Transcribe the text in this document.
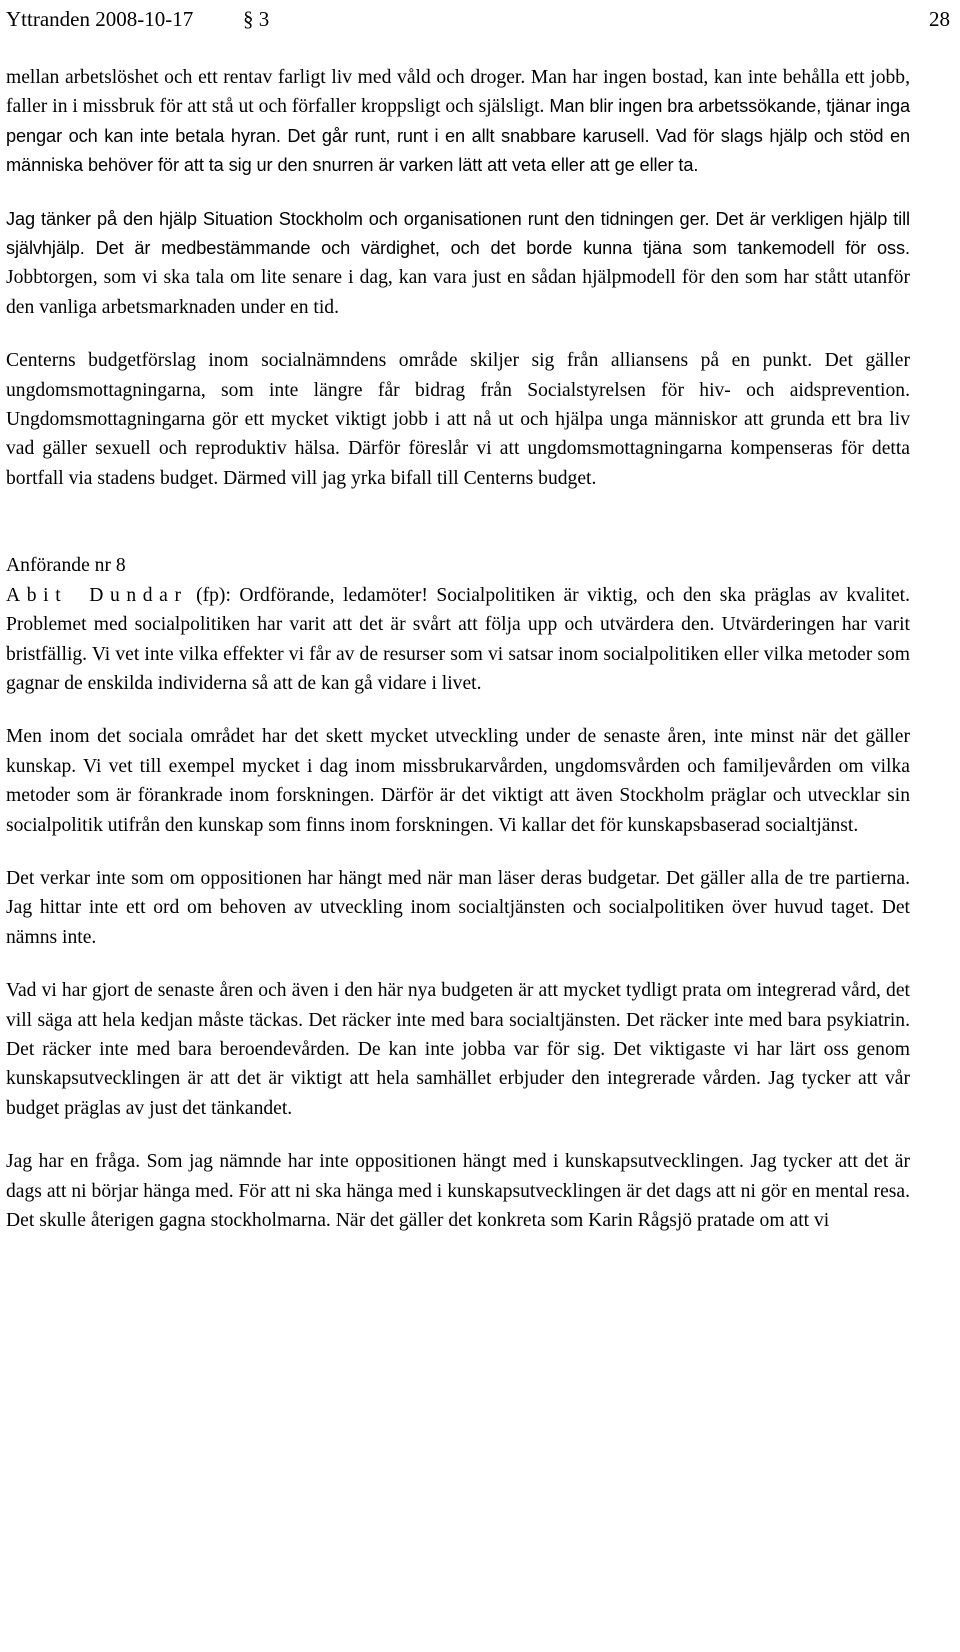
Yttranden 2008-10-17 § 3	28

mellan arbetslöshet och ett rentav farligt liv med våld och droger. Man har ingen bostad, kan inte behålla ett jobb, faller in i missbruk för att stå ut och förfaller kroppsligt och själsligt. Man blir ingen bra arbetssökande, tjänar inga pengar och kan inte betala hyran. Det går runt, runt i en allt snabbare karusell. Vad för slags hjälp och stöd en människa behöver för att ta sig ur den snurren är varken lätt att veta eller att ge eller ta.

Jag tänker på den hjälp Situation Stockholm och organisationen runt den tidningen ger. Det är verkligen hjälp till självhjälp. Det är medbestämmande och värdighet, och det borde kunna tjäna som tankemodell för oss. Jobbtorgen, som vi ska tala om lite senare i dag, kan vara just en sådan hjälpmodell för den som har stått utanför den vanliga arbetsmarknaden under en tid.

Centerns budgetförslag inom socialnämndens område skiljer sig från alliansens på en punkt. Det gäller ungdomsmottagningarna, som inte längre får bidrag från Socialstyrelsen för hiv- och aidsprevention. Ungdomsmottagningarna gör ett mycket viktigt jobb i att nå ut och hjälpa unga människor att grunda ett bra liv vad gäller sexuell och reproduktiv hälsa. Därför föreslår vi att ungdomsmottagningarna kompenseras för detta bortfall via stadens budget. Därmed vill jag yrka bifall till Centerns budget.

Anförande nr 8

Abit Dundar (fp): Ordförande, ledamöter! Socialpolitiken är viktig, och den ska präglas av kvalitet. Problemet med socialpolitiken har varit att det är svårt att följa upp och utvärdera den. Utvärderingen har varit bristfällig. Vi vet inte vilka effekter vi får av de resurser som vi satsar inom socialpolitiken eller vilka metoder som gagnar de enskilda individerna så att de kan gå vidare i livet.

Men inom det sociala området har det skett mycket utveckling under de senaste åren, inte minst när det gäller kunskap. Vi vet till exempel mycket i dag inom missbrukarvården, ungdomsvården och familjevården om vilka metoder som är förankrade inom forskningen. Därför är det viktigt att även Stockholm präglar och utvecklar sin socialpolitik utifrån den kunskap som finns inom forskningen. Vi kallar det för kunskapsbaserad socialtjänst.

Det verkar inte som om oppositionen har hängt med när man läser deras budgetar. Det gäller alla de tre partierna. Jag hittar inte ett ord om behoven av utveckling inom socialtjänsten och socialpolitiken över huvud taget. Det nämns inte.

Vad vi har gjort de senaste åren och även i den här nya budgeten är att mycket tydligt prata om integrerad vård, det vill säga att hela kedjan måste täckas. Det räcker inte med bara socialtjänsten. Det räcker inte med bara psykiatrin. Det räcker inte med bara beroendevården. De kan inte jobba var för sig. Det viktigaste vi har lärt oss genom kunskapsutvecklingen är att det är viktigt att hela samhället erbjuder den integrerade vården. Jag tycker att vår budget präglas av just det tänkandet.

Jag har en fråga. Som jag nämnde har inte oppositionen hängt med i kunskapsutvecklingen. Jag tycker att det är dags att ni börjar hänga med. För att ni ska hänga med i kunskapsutvecklingen är det dags att ni gör en mental resa. Det skulle återigen gagna stockholmarna. När det gäller det konkreta som Karin Rågsjö pratade om att vi
